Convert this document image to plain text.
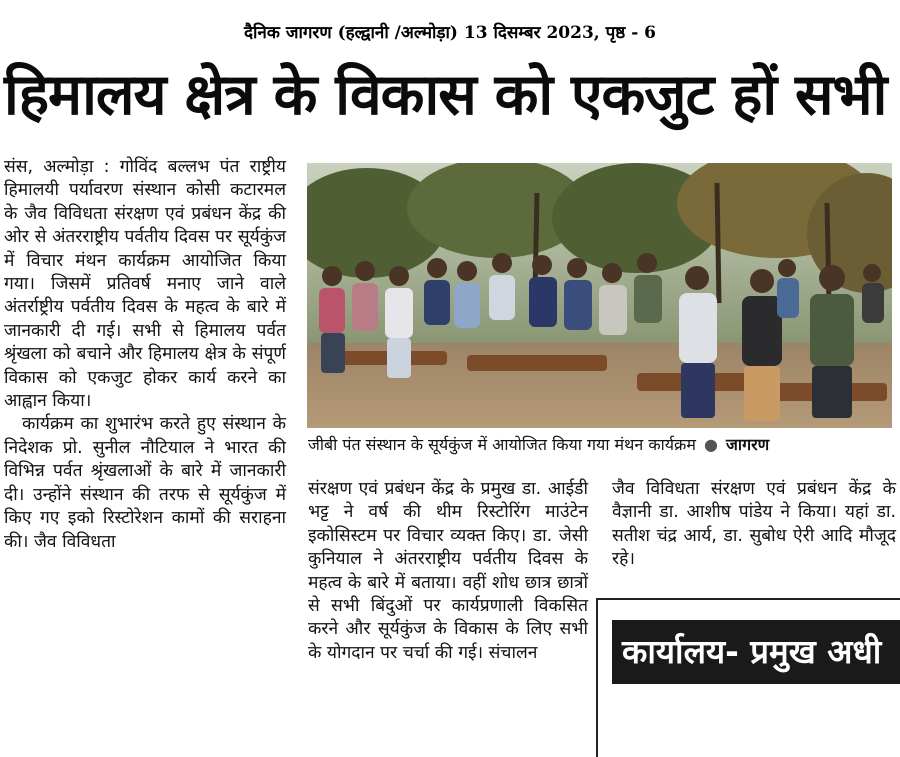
दैनिक जागरण (हल्द्वानी /अल्मोड़ा) 13 दिसम्बर 2023, पृष्ठ - 6
हिमालय क्षेत्र के विकास को एकजुट हों सभी

संस, अल्मोड़ा : गोविंद बल्लभ पंत राष्ट्रीय हिमालयी पर्यावरण संस्थान कोसी कटारमल के जैव विविधता संरक्षण एवं प्रबंधन केंद्र की ओर से अंतरराष्ट्रीय पर्वतीय दिवस पर सूर्यकुंज में विचार मंथन कार्यक्रम आयोजित किया गया। जिसमें प्रतिवर्ष मनाए जाने वाले अंतर्राष्ट्रीय पर्वतीय दिवस के महत्व के बारे में जानकारी दी गई। सभी से हिमालय पर्वत श्रृंखला को बचाने और हिमालय क्षेत्र के संपूर्ण विकास को एकजुट होकर कार्य करने का आह्वान किया।

कार्यक्रम का शुभारंभ करते हुए संस्थान के निदेशक प्रो. सुनील नौटियाल ने भारत की विभिन्न पर्वत श्रृंखलाओं के बारे में जानकारी दी। उन्होंने संस्थान की तरफ से सूर्यकुंज में किए गए इको रिस्टोरेशन कामों की सराहना की। जैव विविधता

जीबी पंत संस्थान के सूर्यकुंज में आयोजित किया गया मंथन कार्यक्रम ● जागरण

संरक्षण एवं प्रबंधन केंद्र के प्रमुख डा. आईडी भट्ट ने वर्ष की थीम रिस्टोरिंग माउंटेन इकोसिस्टम पर विचार व्यक्त किए। डा. जेसी कुनियाल ने अंतरराष्ट्रीय पर्वतीय दिवस के महत्व के बारे में बताया। वहीं शोध छात्र छात्रों से सभी बिंदुओं पर कार्यप्रणाली विकसित करने और सूर्यकुंज के विकास के लिए सभी के योगदान पर चर्चा की गई। संचालन

जैव विविधता संरक्षण एवं प्रबंधन केंद्र के वैज्ञानी डा. आशीष पांडेय ने किया। यहां डा. सतीश चंद्र आर्य, डा. सुबोध ऐरी आदि मौजूद रहे।

कार्यालय- प्रमुख अधी
